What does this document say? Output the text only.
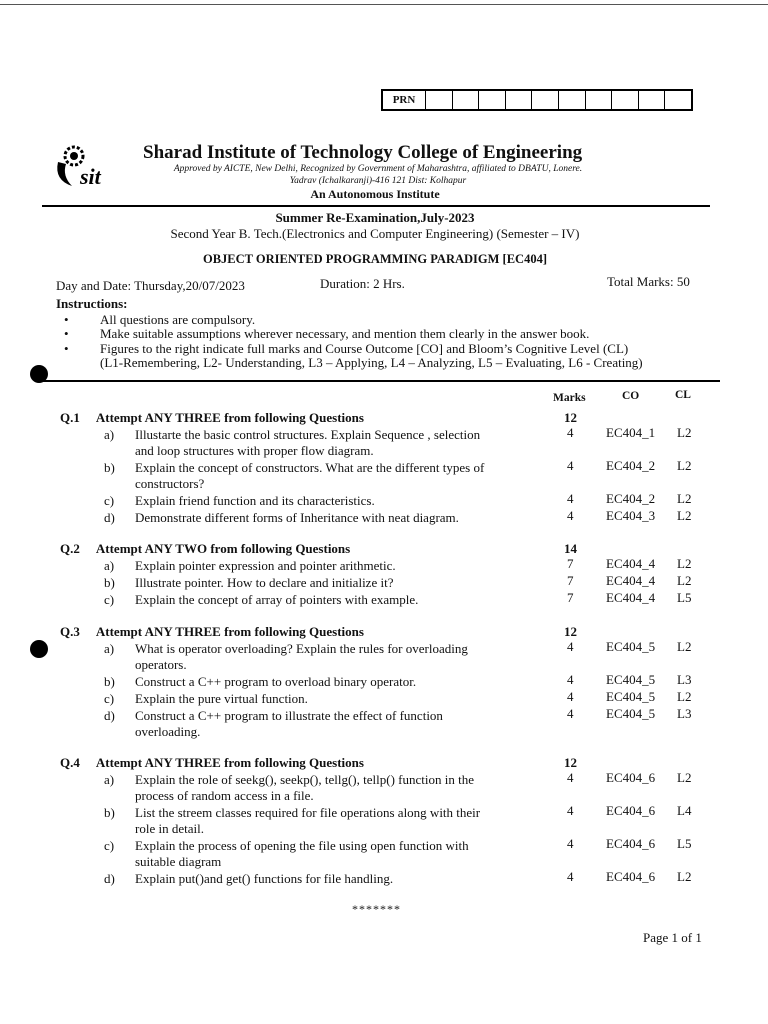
PRN
sit
Sharad Institute of Technology College of Engineering
Approved by AICTE, New Delhi, Recognized by Government of Maharashtra, affiliated to DBATU, Lonere.
Yadrav (Ichalkaranji)-416 121 Dist: Kolhapur
An Autonomous Institute
Summer Re-Examination,July-2023
Second Year B. Tech.(Electronics and Computer Engineering) (Semester – IV)
OBJECT ORIENTED PROGRAMMING PARADIGM [EC404]
Day and Date: Thursday,20/07/2023	Duration: 2 Hrs.	Total Marks: 50
Instructions:
• All questions are compulsory.
• Make suitable assumptions wherever necessary, and mention them clearly in the answer book.
• Figures to the right indicate full marks and Course Outcome [CO] and Bloom’s Cognitive Level (CL)
(L1-Remembering, L2- Understanding, L3 – Applying, L4 – Analyzing, L5 – Evaluating, L6 - Creating)
Marks	CO	CL
Q.1 Attempt ANY THREE from following Questions	12
a) Illustarte the basic control structures. Explain Sequence , selection
and loop structures with proper flow diagram.
4	EC404_1 L2
b) Explain the concept of constructors. What are the different types of
constructors?
4	EC404_2 L2
c) Explain friend function and its characteristics.	4	EC404_2 L2
d) Demonstrate different forms of Inheritance with neat diagram.	4	EC404_3 L2
Q.2 Attempt ANY TWO from following Questions	14
a) Explain pointer expression and pointer arithmetic.	7	EC404_4 L2
b) Illustrate pointer. How to declare and initialize it?	7	EC404_4 L2
c) Explain the concept of array of pointers with example.	7	EC404_4 L5
Q.3 Attempt ANY THREE from following Questions	12
a) What is operator overloading? Explain the rules for overloading
operators.
4	EC404_5 L2
b) Construct a C++ program to overload binary operator.	4	EC404_5 L3
c) Explain the pure virtual function.	4	EC404_5 L2
d) Construct a C++ program to illustrate the effect of function
overloading.
4	EC404_5 L3
Q.4 Attempt ANY THREE from following Questions	12
a) Explain the role of seekg(), seekp(), tellg(), tellp() function in the
process of random access in a file.
4	EC404_6 L2
b) List the streem classes required for file operations along with their
role in detail.
4	EC404_6 L4
c) Explain the process of opening the file using open function with
suitable diagram
4	EC404_6 L5
d) Explain put()and get() functions for file handling.	4	EC404_6 L2
*******
Page 1 of 1
